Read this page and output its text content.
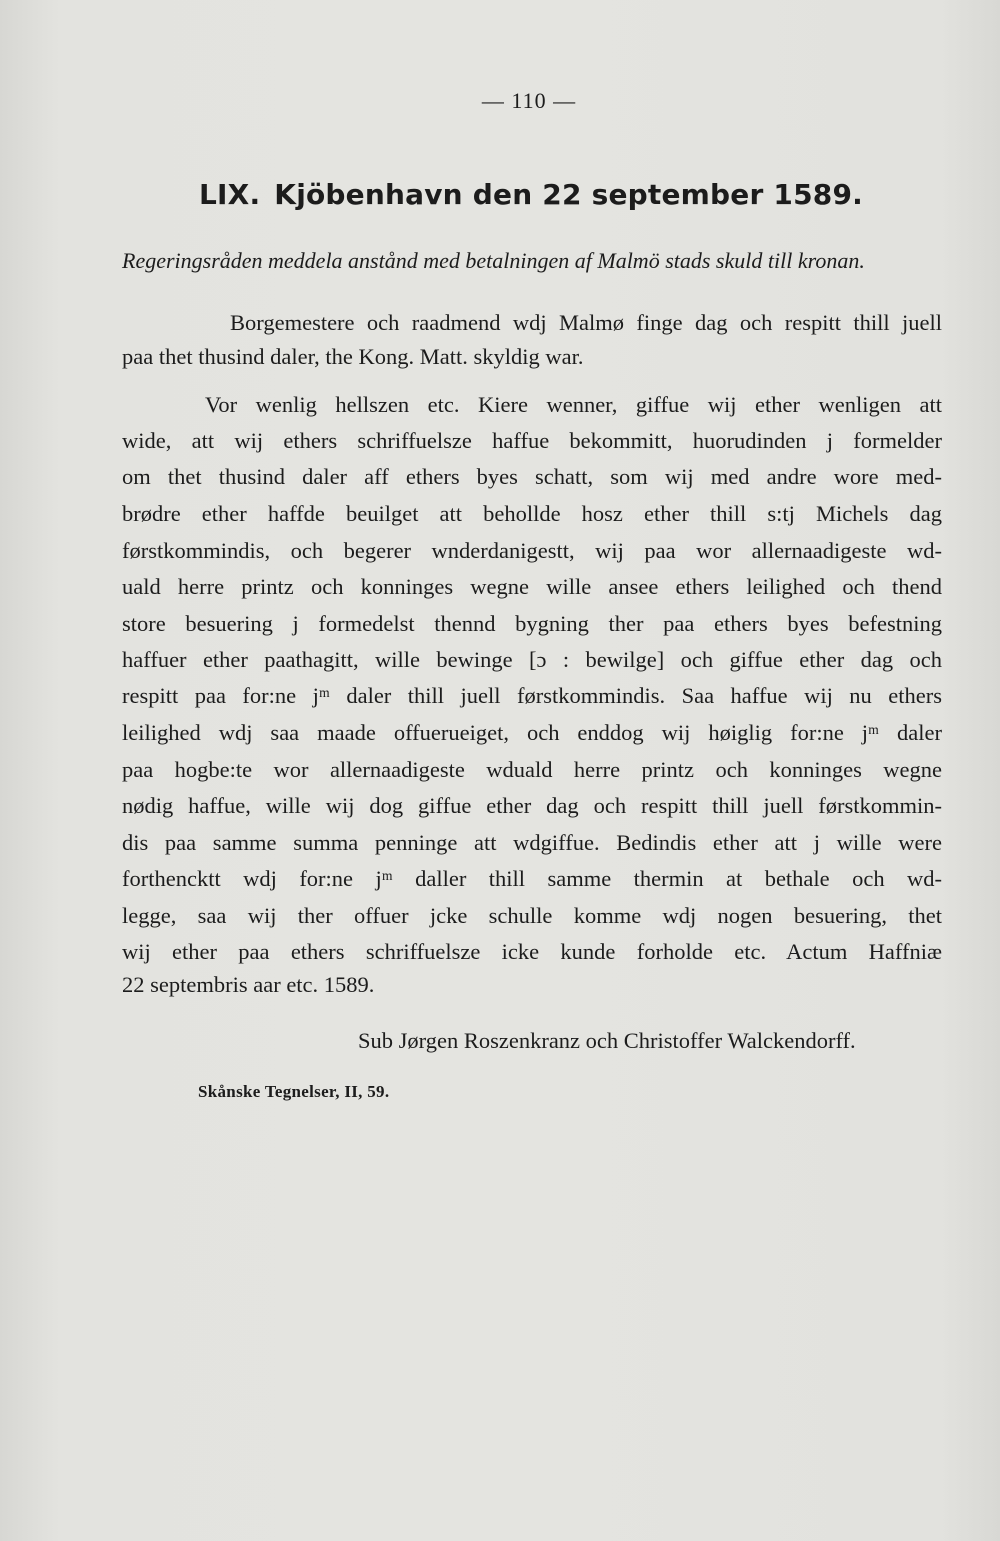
— 110 —
LIX. Kjöbenhavn den 22 september 1589.
Regeringsråden meddela anstånd med betalningen af Malmö stads skuld till kronan.
Borgemestere och raadmend wdj Malmø finge dag och respitt thill juell
paa thet thusind daler, the Kong. Matt. skyldig war.
Vor wenlig hellszen etc. Kiere wenner, giffue wij ether wenligen att
wide, att wij ethers schriffuelsze haffue bekommitt, huorudinden j formelder
om thet thusind daler aff ethers byes schatt, som wij med andre wore med-
brødre ether haffde beuilget att behollde hosz ether thill s:tj Michels dag
førstkommindis, och begerer wnderdanigestt, wij paa wor allernaadigeste wd-
uald herre printz och konninges wegne wille ansee ethers leilighed och thend
store besuering j formedelst thennd bygning ther paa ethers byes befestning
haffuer ether paathagitt, wille bewinge [ɔ : bewilge] och giffue ether dag och
respitt paa for:ne jᵐ daler thill juell førstkommindis. Saa haffue wij nu ethers
leilighed wdj saa maade offuerueiget, och enddog wij høiglig for:ne jᵐ daler
paa hogbe:te wor allernaadigeste wduald herre printz och konninges wegne
nødig haffue, wille wij dog giffue ether dag och respitt thill juell førstkommin-
dis paa samme summa penninge att wdgiffue. Bedindis ether att j wille were
forthencktt wdj for:ne jᵐ daller thill samme thermin at bethale och wd-
legge, saa wij ther offuer jcke schulle komme wdj nogen besuering, thet
wij ether paa ethers schriffuelsze icke kunde forholde etc. Actum Haffniæ
22 septembris aar etc. 1589.
Sub Jørgen Roszenkranz och Christoffer Walckendorff.
Skånske Tegnelser, II, 59.
